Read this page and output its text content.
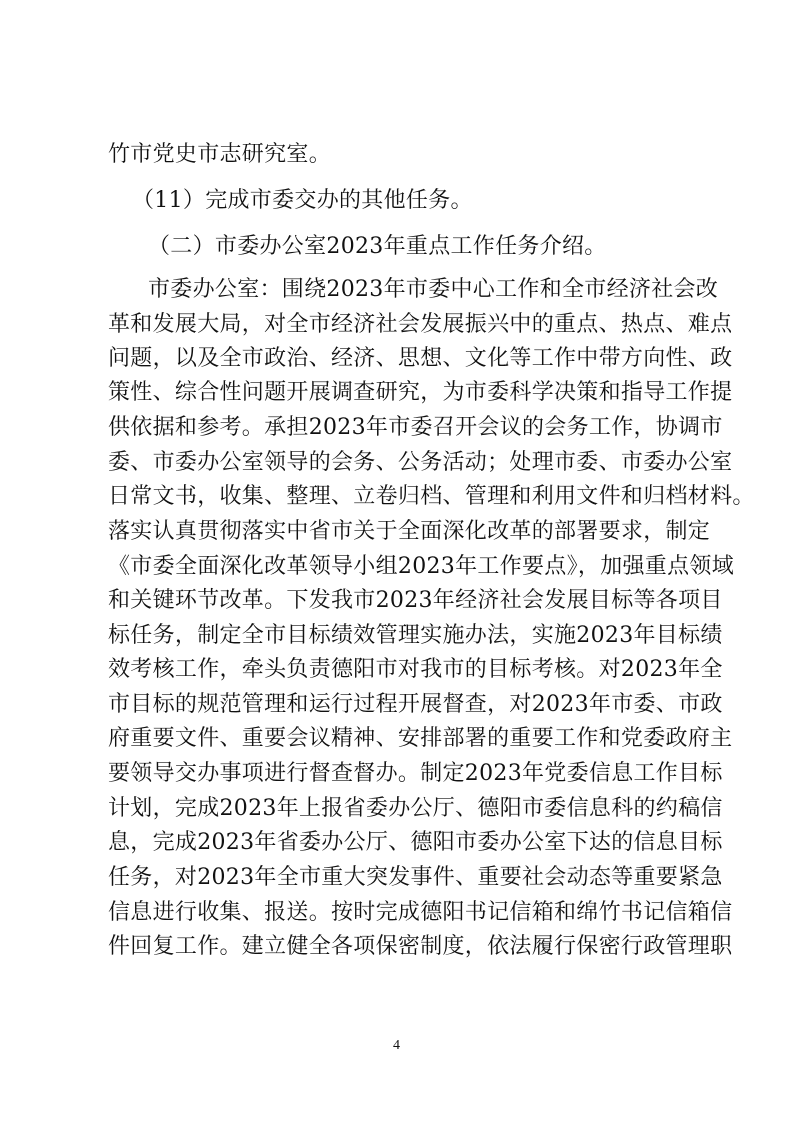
竹市党史市志研究室。
（11）完成市委交办的其他任务。
（二）市委办公室2023年重点工作任务介绍。
市委办公室：围绕2023年市委中心工作和全市经济社会改
革和发展大局，对全市经济社会发展振兴中的重点、热点、难点
问题，以及全市政治、经济、思想、文化等工作中带方向性、政
策性、综合性问题开展调查研究，为市委科学决策和指导工作提
供依据和参考。承担2023年市委召开会议的会务工作，协调市
委、市委办公室领导的会务、公务活动；处理市委、市委办公室
日常文书，收集、整理、立卷归档、管理和利用文件和归档材料。
落实认真贯彻落实中省市关于全面深化改革的部署要求，制定
《市委全面深化改革领导小组2023年工作要点》，加强重点领域
和关键环节改革。下发我市2023年经济社会发展目标等各项目
标任务，制定全市目标绩效管理实施办法，实施2023年目标绩
效考核工作，牵头负责德阳市对我市的目标考核。对2023年全
市目标的规范管理和运行过程开展督查，对2023年市委、市政
府重要文件、重要会议精神、安排部署的重要工作和党委政府主
要领导交办事项进行督查督办。制定2023年党委信息工作目标
计划，完成2023年上报省委办公厅、德阳市委信息科的约稿信
息，完成2023年省委办公厅、德阳市委办公室下达的信息目标
任务，对2023年全市重大突发事件、重要社会动态等重要紧急
信息进行收集、报送。按时完成德阳书记信箱和绵竹书记信箱信
件回复工作。建立健全各项保密制度，依法履行保密行政管理职
4
